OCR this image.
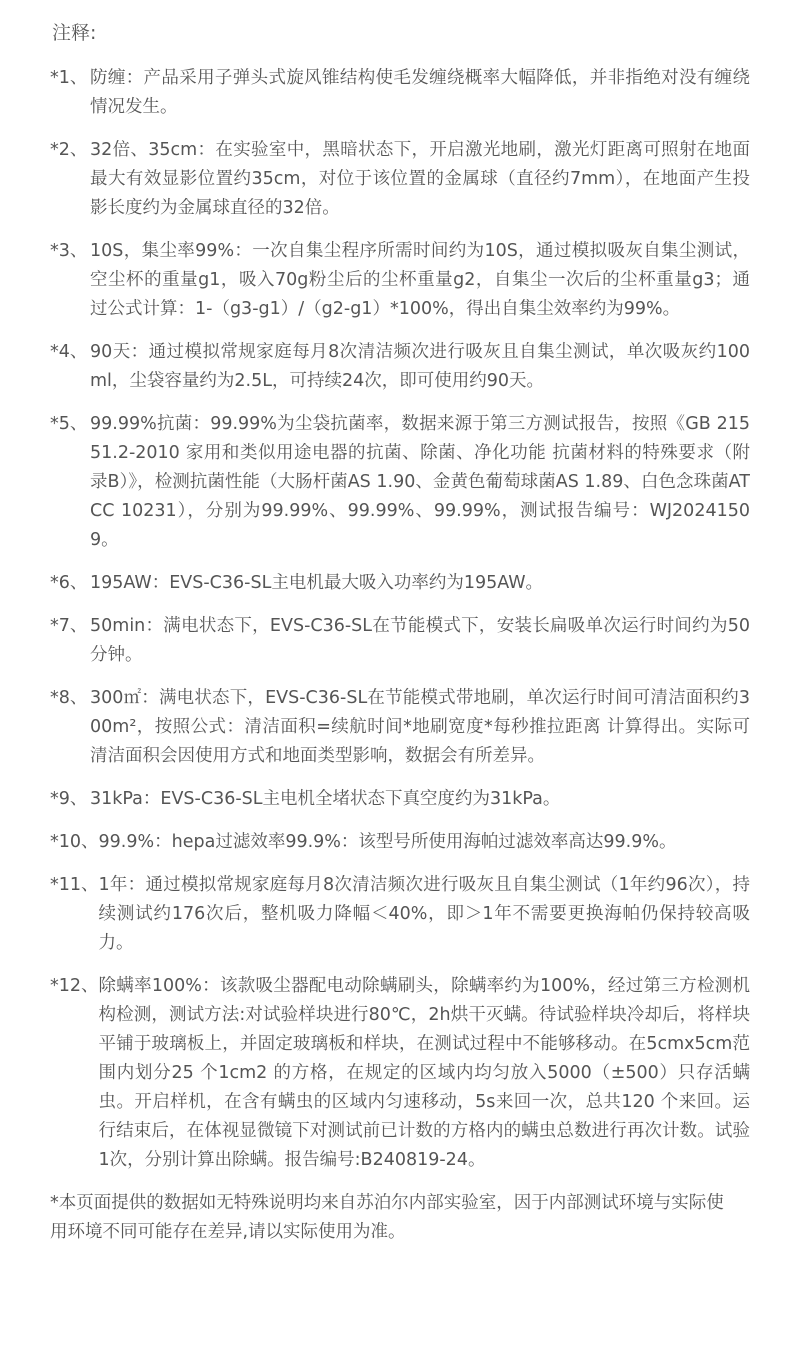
注释:
*1、 防缠：产品采用子弹头式旋风锥结构使毛发缠绕概率大幅降低，并非指绝对没有缠绕情况发生。
*2、 32倍、35cm：在实验室中，黑暗状态下，开启激光地刷，激光灯距离可照射在地面最大有效显影位置约35cm，对位于该位置的金属球（直径约7mm），在地面产生投影长度约为金属球直径的32倍。
*3、 10S，集尘率99%：一次自集尘程序所需时间约为10S，通过模拟吸灰自集尘测试，空尘杯的重量g1，吸入70g粉尘后的尘杯重量g2，自集尘一次后的尘杯重量g3；通过公式计算：1-（g3-g1）/（g2-g1）*100%，得出自集尘效率约为99%。
*4、 90天：通过模拟常规家庭每月8次清洁频次进行吸灰且自集尘测试，单次吸灰约100ml，尘袋容量约为2.5L，可持续24次，即可使用约90天。
*5、 99.99%抗菌：99.99%为尘袋抗菌率，数据来源于第三方测试报告，按照《GB 21551.2-2010 家用和类似用途电器的抗菌、除菌、净化功能 抗菌材料的特殊要求（附录B）》，检测抗菌性能（大肠杆菌AS 1.90、金黄色葡萄球菌AS 1.89、白色念珠菌ATCC 10231），分别为99.99%、99.99%、99.99%，测试报告编号：WJ20241509。
*6、 195AW：EVS-C36-SL主电机最大吸入功率约为195AW。
*7、 50min：满电状态下，EVS-C36-SL在节能模式下，安装长扁吸单次运行时间约为50分钟。
*8、 300㎡：满电状态下，EVS-C36-SL在节能模式带地刷，单次运行时间可清洁面积约300m²，按照公式：清洁面积=续航时间*地刷宽度*每秒推拉距离 计算得出。实际可清洁面积会因使用方式和地面类型影响，数据会有所差异。
*9、 31kPa：EVS-C36-SL主电机全堵状态下真空度约为31kPa。
*10、 99.9%：hepa过滤效率99.9%：该型号所使用海帕过滤效率高达99.9%。
*11、 1年：通过模拟常规家庭每月8次清洁频次进行吸灰且自集尘测试（1年约96次），持续测试约176次后，整机吸力降幅＜40%，即＞1年不需要更换海帕仍保持较高吸力。
*12、 除螨率100%：该款吸尘器配电动除螨刷头，除螨率约为100%，经过第三方检测机构检测，测试方法:对试验样块进行80℃，2h烘干灭螨。待试验样块冷却后，将样块平铺于玻璃板上，并固定玻璃板和样块，在测试过程中不能够移动。在5cmx5cm范围内划分25 个1cm2 的方格，在规定的区域内均匀放入5000（±500）只存活螨虫。开启样机，在含有螨虫的区域内匀速移动，5s来回一次，总共120 个来回。运行结束后，在体视显微镜下对测试前已计数的方格内的螨虫总数进行再次计数。试验1次，分别计算出除螨。报告编号:B240819-24。

*本页面提供的数据如无特殊说明均来自苏泊尔内部实验室，因于内部测试环境与实际使用环境不同可能存在差异,请以实际使用为准。
